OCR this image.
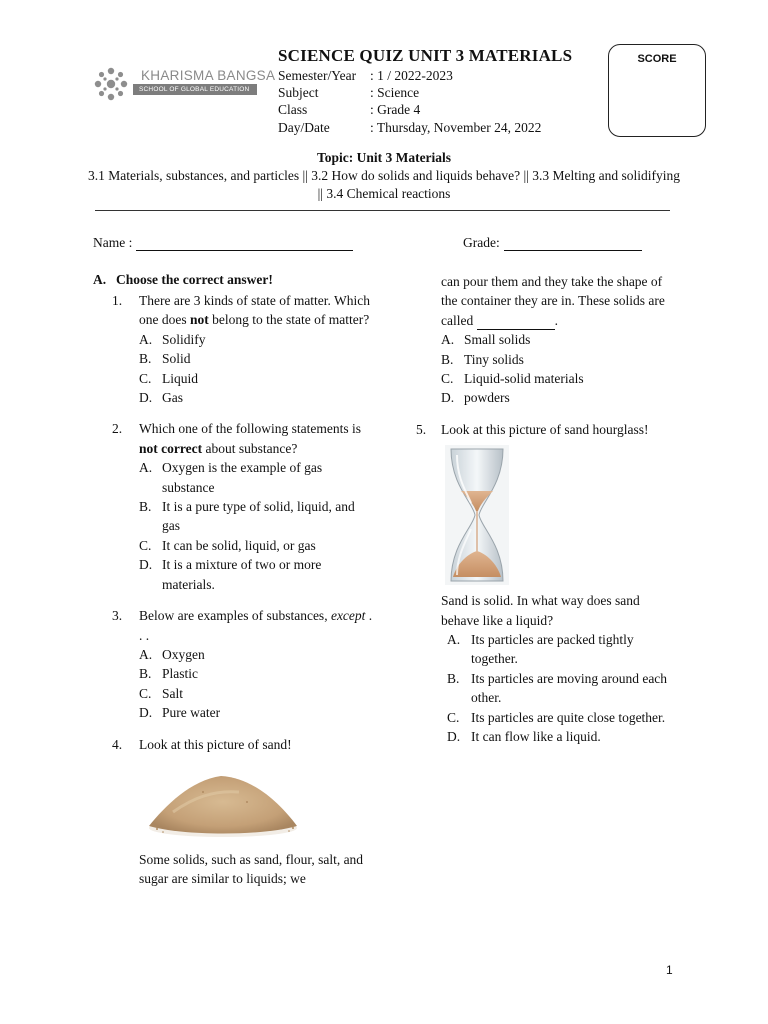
KHARISMA BANGSA
SCHOOL OF GLOBAL EDUCATION
SCIENCE QUIZ UNIT 3 MATERIALS
Semester/Year	: 1 / 2022-2023
Subject	: Science
Class	: Grade 4
Day/Date	: Thursday, November 24, 2022
SCORE
Topic: Unit 3 Materials
3.1 Materials, substances, and particles || 3.2 How do solids and liquids behave? || 3.3 Melting and solidifying || 3.4 Chemical reactions
Name :	Grade:
A. Choose the correct answer!
1.	There are 3 kinds of state of matter. Which one does not belong to the state of matter?
A. Solidify
B. Solid
C. Liquid
D. Gas
2.	Which one of the following statements is not correct about substance?
A. Oxygen is the example of gas substance
B. It is a pure type of solid, liquid, and gas
C. It can be solid, liquid, or gas
D. It is a mixture of two or more materials.
3.	Below are examples of substances, except . . .
A. Oxygen
B. Plastic
C. Salt
D. Pure water
4.	Look at this picture of sand!
Some solids, such as sand, flour, salt, and sugar are similar to liquids; we
can pour them and they take the shape of the container they are in. These solids are called	.
A. Small solids
B. Tiny solids
C. Liquid-solid materials
D. powders
5.	Look at this picture of sand hourglass!
Sand is solid. In what way does sand behave like a liquid?
A. Its particles are packed tightly together.
B. Its particles are moving around each other.
C. Its particles are quite close together.
D. It can flow like a liquid.
1
